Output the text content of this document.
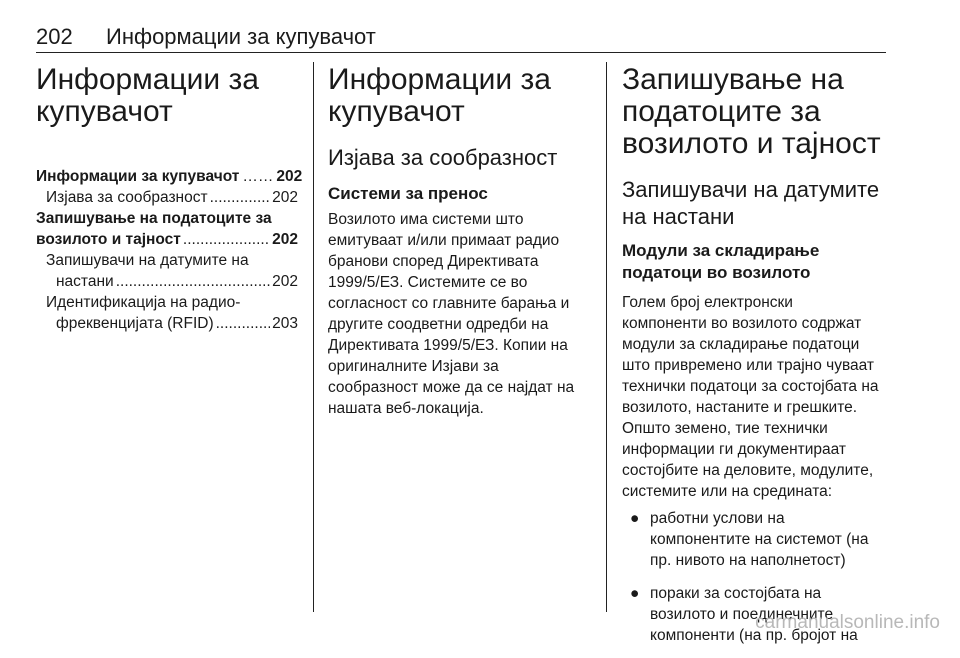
202 Информации за купувачот
Информации за
купувачот
Информации за купувачот …… 202
Изјава за сообразност .....	202
Запишување на податоците за
возилото и тајност .....	202
Запишувачи на датумите на
настани .....	202
Идентификација на радио-
фреквенцијата (RFID) .....	203
Информации за
купувачот
Изјава за сообразност
Системи за пренос

Возилото има системи што
емитуваат и/или примаат радио
бранови според Директивата
1999/5/ЕЗ. Системите се во
согласност со главните барања и
другите соодветни одредби на
Директивата 1999/5/ЕЗ. Копии на
оригиналните Изјави за
сообразност може да се најдат на
нашата веб-локација.

Запишување на
податоците за
возилото и тајност
Запишувачи на датумите
на настани
Модули за складирање
податоци во возилото

Голем број електронски
компоненти во возилото содржат
модули за складирање податоци
што привремено или трајно чуваат
технички податоци за состојбата на
возилото, настаните и грешките.
Општо земено, тие технички
информации ги документираат
состојбите на деловите, модулите,
системите или на средината:

● работни услови на
компонентите на системот (на
пр. нивото на наполнетост)
● пораки за состојбата на
возилото и поединечните
компоненти (на пр. бројот на
carmanualsonline.info
